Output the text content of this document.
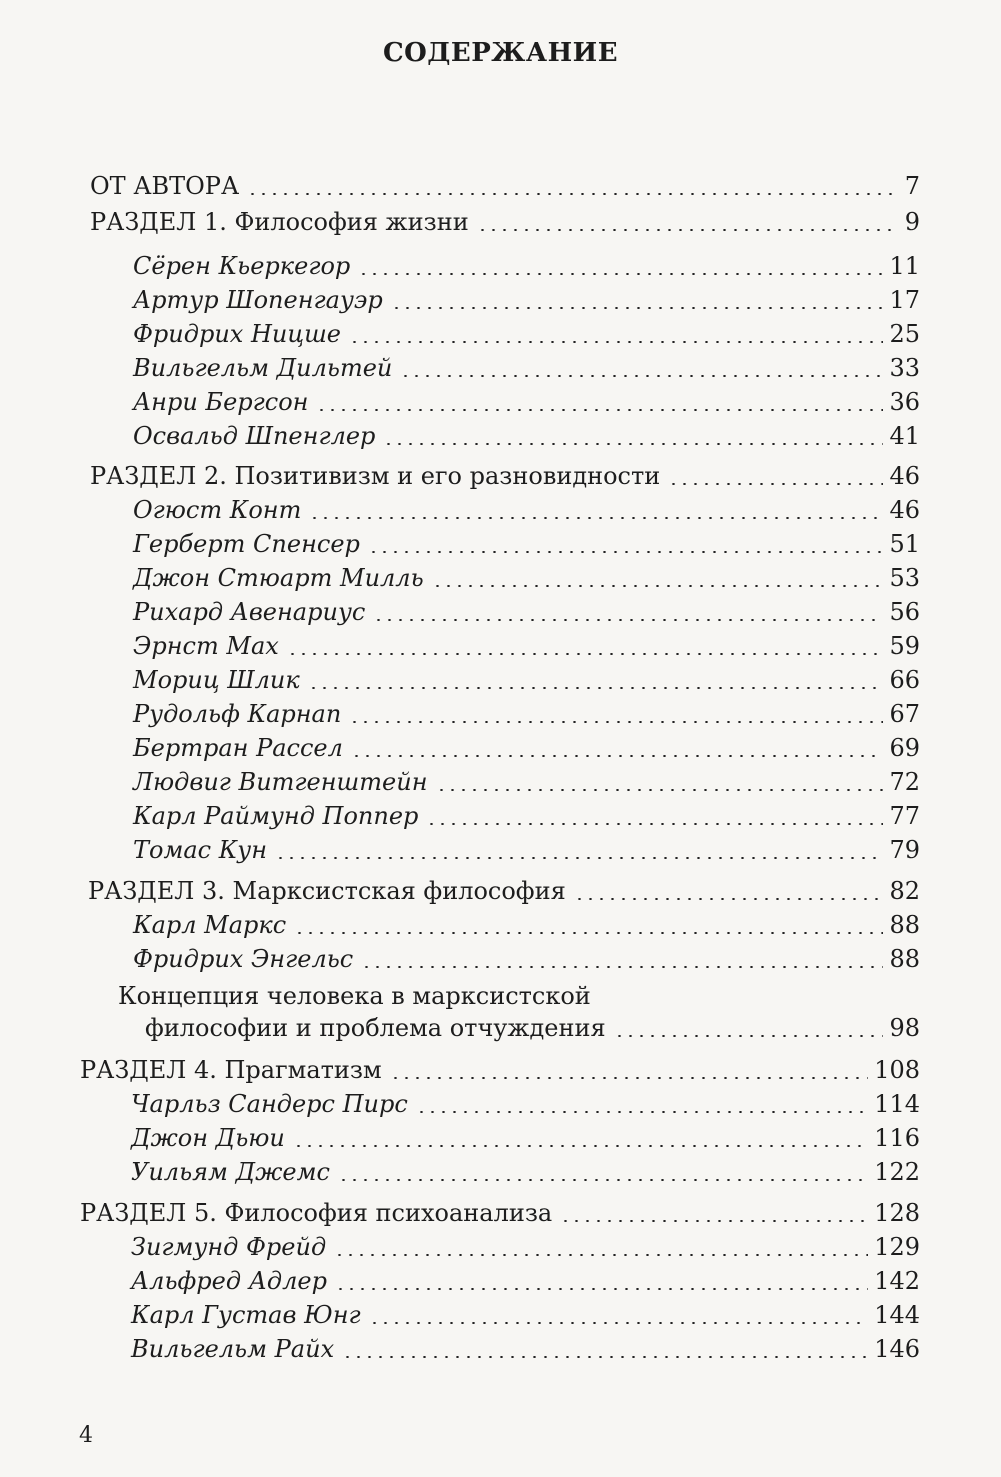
СОДЕРЖАНИЕ
ОТ АВТОРА	7
РАЗДЕЛ 1. Философия жизни	9
Сёрен Кьеркегор	11
Артур Шопенгауэр	17
Фридрих Ницше	25
Вильгельм Дильтей	33
Анри Бергсон	36
Освальд Шпенглер	41
РАЗДЕЛ 2. Позитивизм и его разновидности	46
Огюст Конт	46
Герберт Спенсер	51
Джон Стюарт Милль	53
Рихард Авенариус	56
Эрнст Мах	59
Мориц Шлик	66
Рудольф Карнап	67
Бертран Рассел	69
Людвиг Витгенштейн	72
Карл Раймунд Поппер	77
Томас Кун	79
РАЗДЕЛ 3. Марксистская философия	82
Карл Маркс	88
Фридрих Энгельс	88
Концепция человека в марксистской
философии и проблема отчуждения	98
РАЗДЕЛ 4. Прагматизм	108
Чарльз Сандерс Пирс	114
Джон Дьюи	116
Уильям Джемс	122
РАЗДЕЛ 5. Философия психоанализа	128
Зигмунд Фрейд	129
Альфред Адлер	142
Карл Густав Юнг	144
Вильгельм Райх	146
4
